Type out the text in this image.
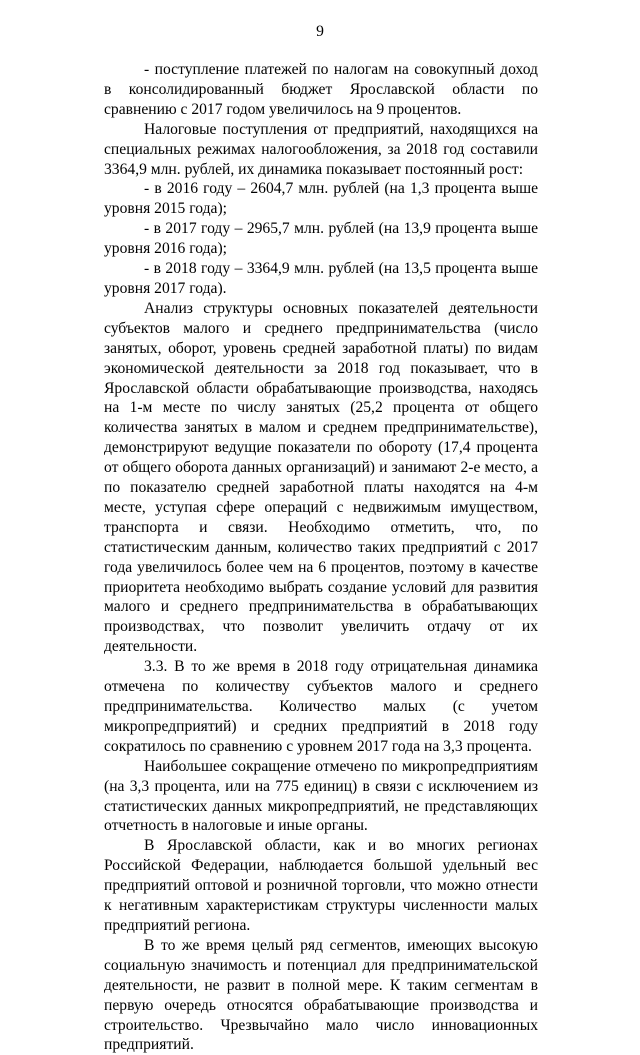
9

- поступление платежей по налогам на совокупный доход в консолидированный бюджет Ярославской области по сравнению с 2017 годом увеличилось на 9 процентов.

Налоговые поступления от предприятий, находящихся на специальных режимах налогообложения, за 2018 год составили 3364,9 млн. рублей, их динамика показывает постоянный рост:

- в 2016 году – 2604,7 млн. рублей (на 1,3 процента выше уровня 2015 года);

- в 2017 году – 2965,7 млн. рублей (на 13,9 процента выше уровня 2016 года);

- в 2018 году – 3364,9 млн. рублей (на 13,5 процента выше уровня 2017 года).

Анализ структуры основных показателей деятельности субъектов малого и среднего предпринимательства (число занятых, оборот, уровень средней заработной платы) по видам экономической деятельности за 2018 год показывает, что в Ярославской области обрабатывающие производства, находясь на 1-м месте по числу занятых (25,2 процента от общего количества занятых в малом и среднем предпринимательстве), демонстрируют ведущие показатели по обороту (17,4 процента от общего оборота данных организаций) и занимают 2-е место, а по показателю средней заработной платы находятся на 4-м месте, уступая сфере операций с недвижимым имуществом, транспорта и связи. Необходимо отметить, что, по статистическим данным, количество таких предприятий с 2017 года увеличилось более чем на 6 процентов, поэтому в качестве приоритета необходимо выбрать создание условий для развития малого и среднего предпринимательства в обрабатывающих производствах, что позволит увеличить отдачу от их деятельности.

3.3. В то же время в 2018 году отрицательная динамика отмечена по количеству субъектов малого и среднего предпринимательства. Количество малых (с учетом микропредприятий) и средних предприятий в 2018 году сократилось по сравнению с уровнем 2017 года на 3,3 процента.

Наибольшее сокращение отмечено по микропредприятиям (на 3,3 процента, или на 775 единиц) в связи с исключением из статистических данных микропредприятий, не представляющих отчетность в налоговые и иные органы.

В Ярославской области, как и во многих регионах Российской Федерации, наблюдается большой удельный вес предприятий оптовой и розничной торговли, что можно отнести к негативным характеристикам структуры численности малых предприятий региона.

В то же время целый ряд сегментов, имеющих высокую социальную значимость и потенциал для предпринимательской деятельности, не развит в полной мере. К таким сегментам в первую очередь относятся обрабатывающие производства и строительство. Чрезвычайно мало число инновационных предприятий.
